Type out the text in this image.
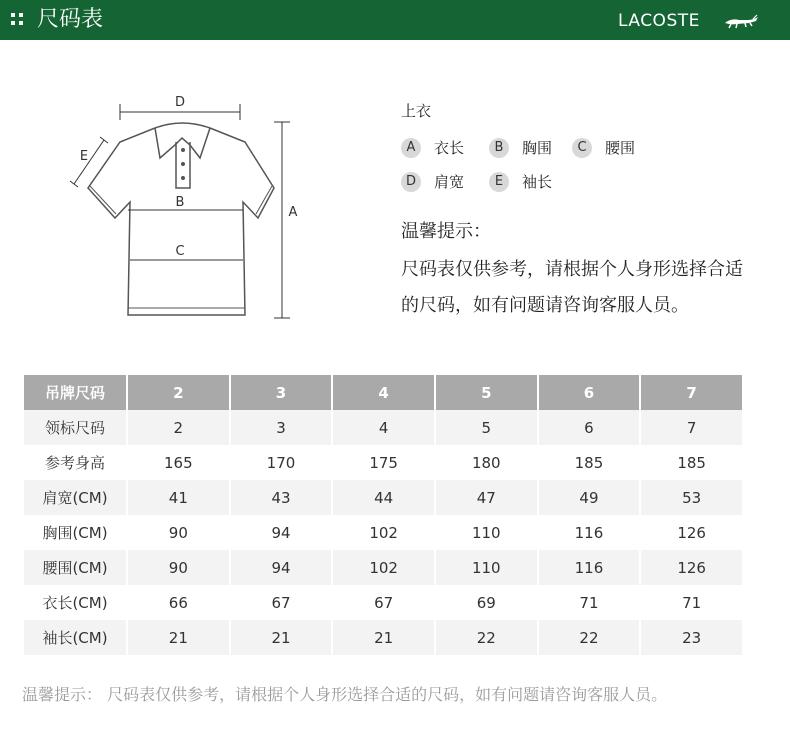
尺码表	LACOSTE
D
E
B
C
A
上衣
A	衣长	B	胸围	C	腰围
D	肩宽	E	袖长
温馨提示：
尺码表仅供参考，请根据个人身形选择合适
的尺码，如有问题请咨询客服人员。
吊牌尺码	2	3	4	5	6	7
领标尺码	2	3	4	5	6	7
参考身高	165	170	175	180	185	185
肩宽(CM)	41	43	44	47	49	53
胸围(CM)	90	94	102	110	116	126
腰围(CM)	90	94	102	110	116	126
衣长(CM)	66	67	67	69	71	71
袖长(CM)	21	21	21	22	22	23
温馨提示： 尺码表仅供参考，请根据个人身形选择合适的尺码，如有问题请咨询客服人员。
